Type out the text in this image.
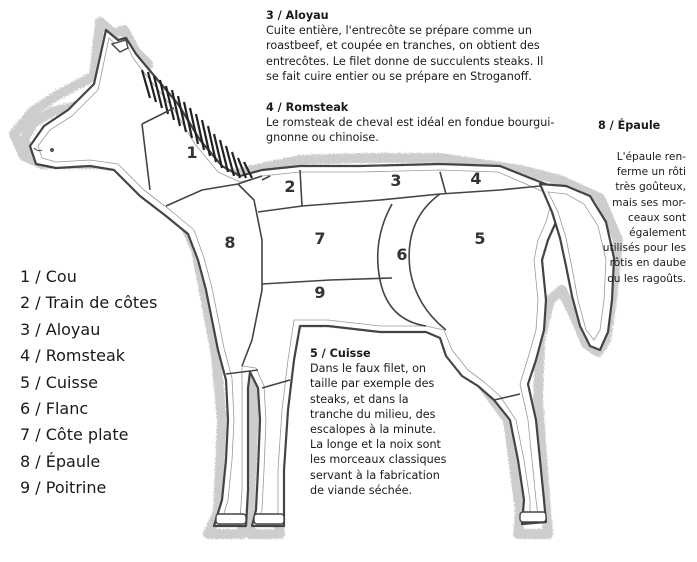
1
2	3	4
5
6
7
8
9
1 / Cou
2 / Train de côtes
3 / Aloyau
4 / Romsteak
5 / Cuisse
6 / Flanc
7 / Côte plate
8 / Épaule
9 / Poitrine
3 / Aloyau
Cuite entière, l'entrecôte se prépare comme un
roastbeef, et coupée en tranches, on obtient des
entrecôtes. Le filet donne de succulents steaks. Il
se fait cuire entier ou se prépare en Stroganoff.
4 / Romsteak
Le romsteak de cheval est idéal en fondue bourgui-
gnonne ou chinoise.
8 / Épaule
L'épaule ren-
ferme un rôti
très goûteux,
mais ses mor-
ceaux sont
également
utilisés pour les
rôtis en daube
ou les ragoûts.
5 / Cuisse
Dans le faux filet, on
taille par exemple des
steaks, et dans la
tranche du milieu, des
escalopes à la minute.
La longe et la noix sont
les morceaux classiques
servant à la fabrication
de viande séchée.
